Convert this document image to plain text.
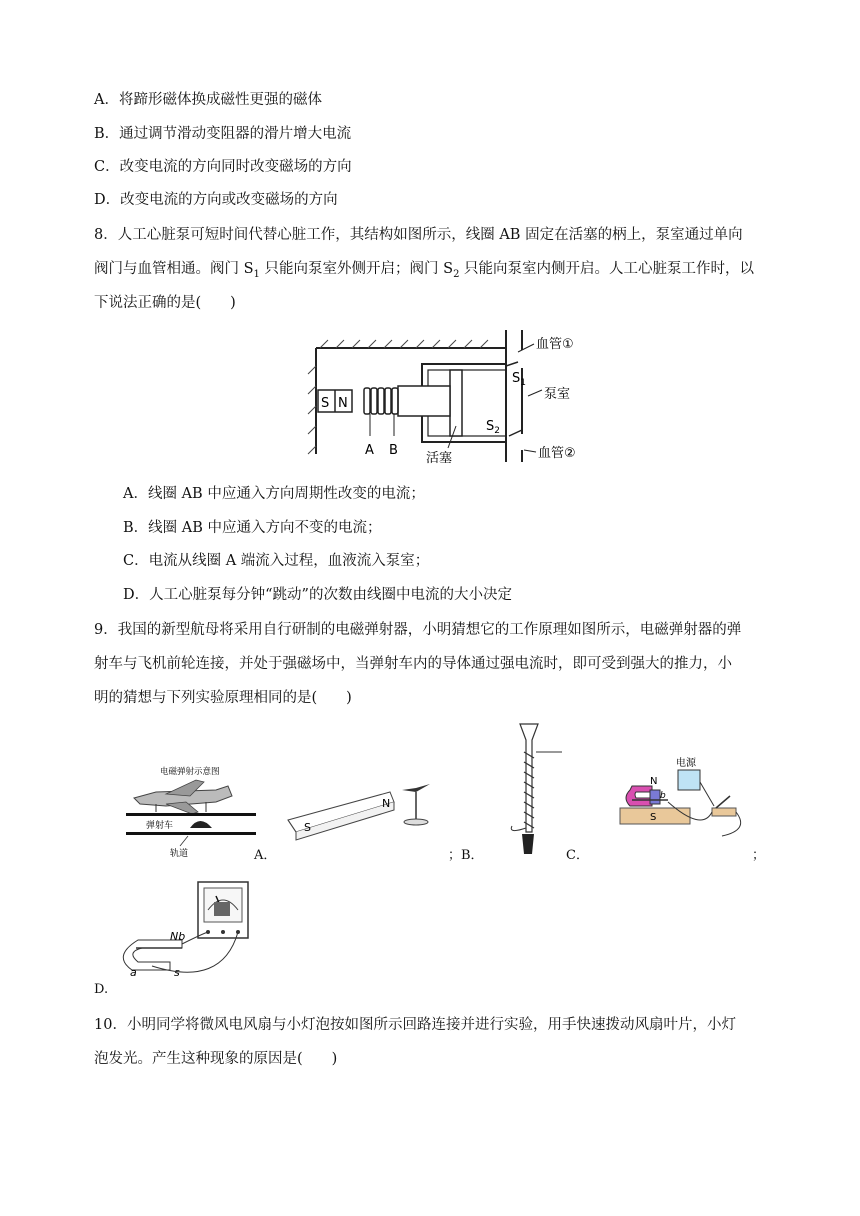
A．将蹄形磁体换成磁性更强的磁体
B．通过调节滑动变阻器的滑片增大电流
C．改变电流的方向同时改变磁场的方向
D．改变电流的方向或改变磁场的方向
8．人工心脏泵可短时间代替心脏工作，其结构如图所示，线圈 AB 固定在活塞的柄上，泵室通过单向
阀门与血管相通。阀门 $S_1$ 只能向泵室外侧开启；阀门 $S_2$ 只能向泵室内侧开启。人工心脏泵工作时，以
下说法正确的是(　　)
S N
A B
活塞
血管①
$S_1$
泵室
$S_2$
血管②
A．线圈 AB 中应通入方向周期性改变的电流；
B．线圈 AB 中应通入方向不变的电流；
C．电流从线圈 A 端流入过程，血液流入泵室；
D．人工心脏泵每分钟“跳动”的次数由线圈中电流的大小决定
9．我国的新型航母将采用自行研制的电磁弹射器，小明猜想它的工作原理如图所示，电磁弹射器的弹
射车与飞机前轮连接，并处于强磁场中，当弹射车内的导体通过强电流时，即可受到强大的推力，小
明的猜想与下列实验原理相同的是(　　)
电磁弹射示意图
弹射车
轨道	A．
S
N
；B．	C．
电源
N
S
b
；
Nb
a	s
D.
10．小明同学将微风电风扇与小灯泡按如图所示回路连接并进行实验，用手快速拨动风扇叶片，小灯
泡发光。产生这种现象的原因是(　　)
